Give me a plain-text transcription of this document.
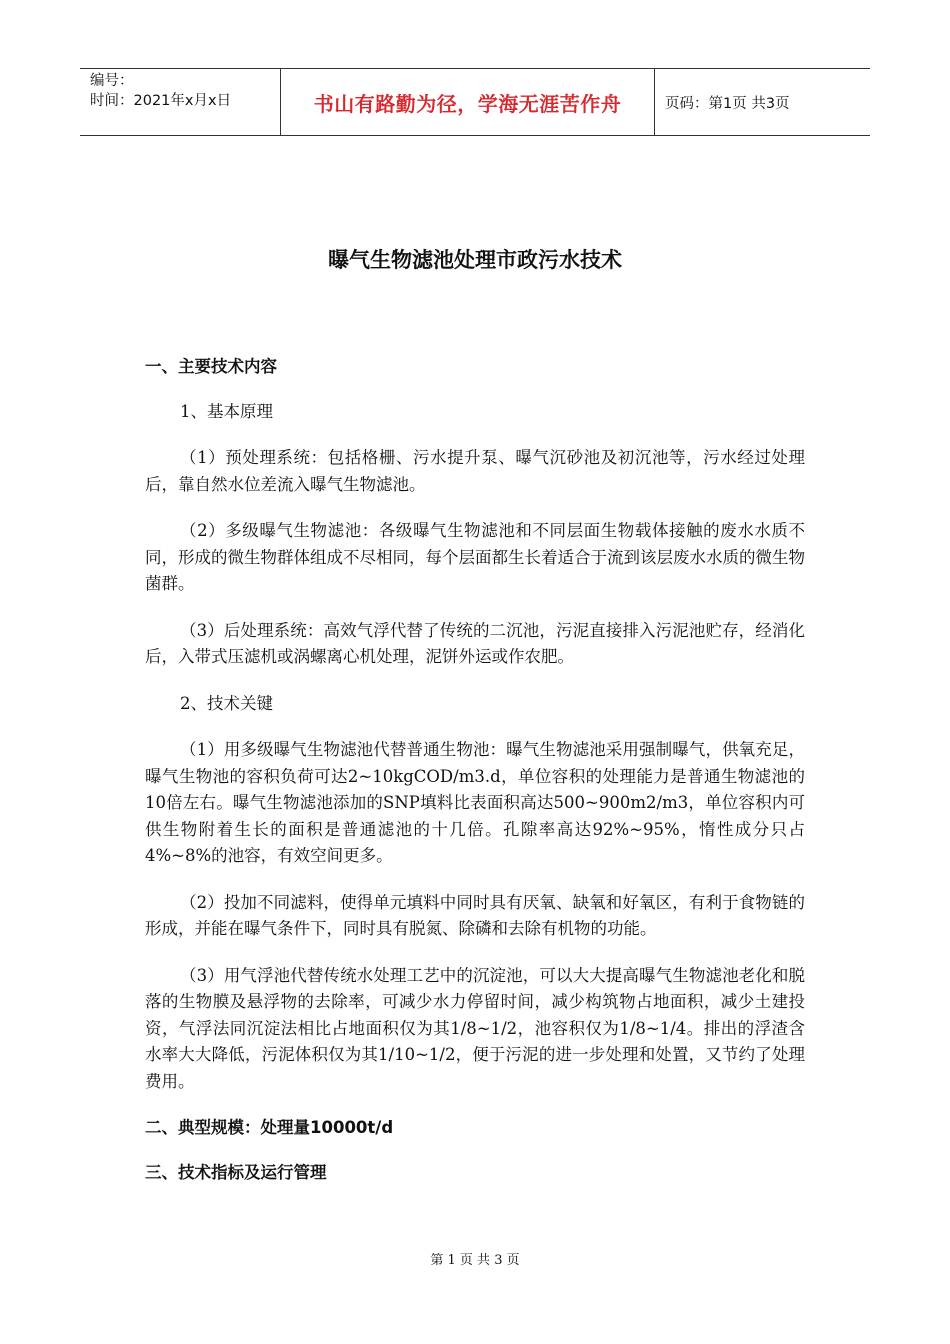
编号：
时间：2021年x月x日	书山有路勤为径，学海无涯苦作舟	页码：第1页 共3页
曝气生物滤池处理市政污水技术

一、主要技术内容

1、基本原理

（1）预处理系统：包括格栅、污水提升泵、曝气沉砂池及初沉池等，污水经过处理后，靠自然水位差流入曝气生物滤池。

（2）多级曝气生物滤池：各级曝气生物滤池和不同层面生物载体接触的废水水质不同，形成的微生物群体组成不尽相同，每个层面都生长着适合于流到该层废水水质的微生物菌群。

（3）后处理系统：高效气浮代替了传统的二沉池，污泥直接排入污泥池贮存，经消化后，入带式压滤机或涡螺离心机处理，泥饼外运或作农肥。

2、技术关键

（1）用多级曝气生物滤池代替普通生物池：曝气生物滤池采用强制曝气，供氧充足，曝气生物池的容积负荷可达2~10kgCOD/m3.d，单位容积的处理能力是普通生物滤池的10倍左右。曝气生物滤池添加的SNP填料比表面积高达500~900m2/m3，单位容积内可供生物附着生长的面积是普通滤池的十几倍。孔隙率高达92%~95%，惰性成分只占4%~8%的池容，有效空间更多。

（2）投加不同滤料，使得单元填料中同时具有厌氧、缺氧和好氧区，有利于食物链的形成，并能在曝气条件下，同时具有脱氮、除磷和去除有机物的功能。

（3）用气浮池代替传统水处理工艺中的沉淀池，可以大大提高曝气生物滤池老化和脱落的生物膜及悬浮物的去除率，可减少水力停留时间，减少构筑物占地面积，减少土建投资，气浮法同沉淀法相比占地面积仅为其1/8~1/2，池容积仅为1/8~1/4。排出的浮渣含水率大大降低，污泥体积仅为其1/10~1/2，便于污泥的进一步处理和处置，又节约了处理费用。

二、典型规模：处理量10000t/d

三、技术指标及运行管理

第 1 页 共 3 页
